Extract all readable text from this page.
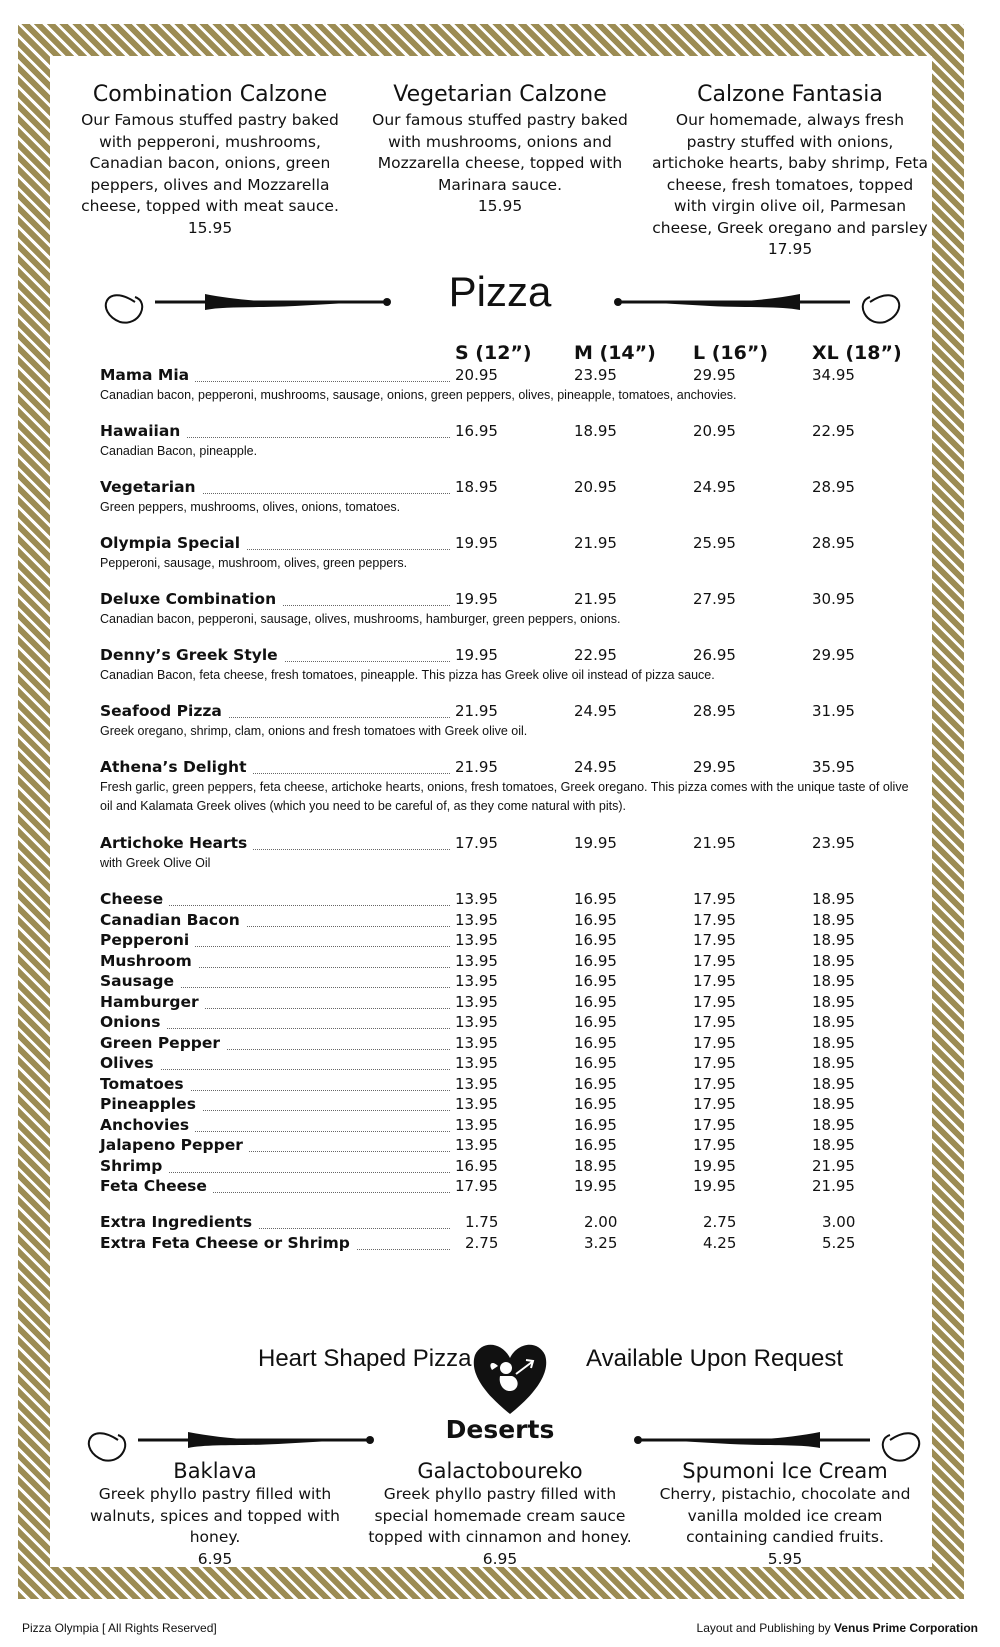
Combination Calzone
Our Famous stuffed pastry baked with pepperoni, mushrooms, Canadian bacon, onions, green peppers, olives and Mozzarella cheese, topped with meat sauce.
15.95
Vegetarian Calzone
Our famous stuffed pastry baked with mushrooms, onions and Mozzarella cheese, topped with Marinara sauce.
15.95
Calzone Fantasia
Our homemade, always fresh pastry stuffed with onions, artichoke hearts, baby shrimp, Feta cheese, fresh tomatoes, topped with virgin olive oil, Parmesan cheese, Greek oregano and parsley
17.95
Pizza
S (12”) M (14”) L (16”) XL (18”)
Mama Mia	20.95	23.95	29.95	34.95
Canadian bacon, pepperoni, mushrooms, sausage, onions, green peppers, olives, pineapple, tomatoes, anchovies.
Hawaiian	16.95	18.95	20.95	22.95
Canadian Bacon, pineapple.
Vegetarian	18.95	20.95	24.95	28.95
Green peppers, mushrooms, olives, onions, tomatoes.
Olympia Special	19.95	21.95	25.95	28.95
Pepperoni, sausage, mushroom, olives, green peppers.
Deluxe Combination	19.95	21.95	27.95	30.95
Canadian bacon, pepperoni, sausage, olives, mushrooms, hamburger, green peppers, onions.
Denny’s Greek Style	19.95	22.95	26.95	29.95
Canadian Bacon, feta cheese, fresh tomatoes, pineapple. This pizza has Greek olive oil instead of pizza sauce.
Seafood Pizza	21.95	24.95	28.95	31.95
Greek oregano, shrimp, clam, onions and fresh tomatoes with Greek olive oil.
Athena’s Delight	21.95	24.95	29.95	35.95
Fresh garlic, green peppers, feta cheese, artichoke hearts, onions, fresh tomatoes, Greek oregano. This pizza comes with the unique taste of olive oil and Kalamata Greek olives (which you need to be careful of, as they come natural with pits).
Artichoke Hearts	17.95	19.95	21.95	23.95
with Greek Olive Oil
Cheese	13.95	16.95	17.95	18.95
Canadian Bacon	13.95	16.95	17.95	18.95
Pepperoni	13.95	16.95	17.95	18.95
Mushroom	13.95	16.95	17.95	18.95
Sausage	13.95	16.95	17.95	18.95
Hamburger	13.95	16.95	17.95	18.95
Onions	13.95	16.95	17.95	18.95
Green Pepper	13.95	16.95	17.95	18.95
Olives	13.95	16.95	17.95	18.95
Tomatoes	13.95	16.95	17.95	18.95
Pineapples	13.95	16.95	17.95	18.95
Anchovies	13.95	16.95	17.95	18.95
Jalapeno Pepper	13.95	16.95	17.95	18.95
Shrimp	16.95	18.95	19.95	21.95
Feta Cheese	17.95	19.95	19.95	21.95
Extra Ingredients	1.75	2.00	2.75	3.00
Extra Feta Cheese or Shrimp	2.75	3.25	4.25	5.25
Heart Shaped Pizza	Available Upon Request
Deserts
Baklava
Greek phyllo pastry filled with walnuts, spices and topped with honey.
6.95
Galactoboureko
Greek phyllo pastry filled with special homemade cream sauce topped with cinnamon and honey.
6.95
Spumoni Ice Cream
Cherry, pistachio, chocolate and vanilla molded ice cream containing candied fruits.
5.95
Pizza Olympia [ All Rights Reserved]	Layout and Publishing by Venus Prime Corporation
